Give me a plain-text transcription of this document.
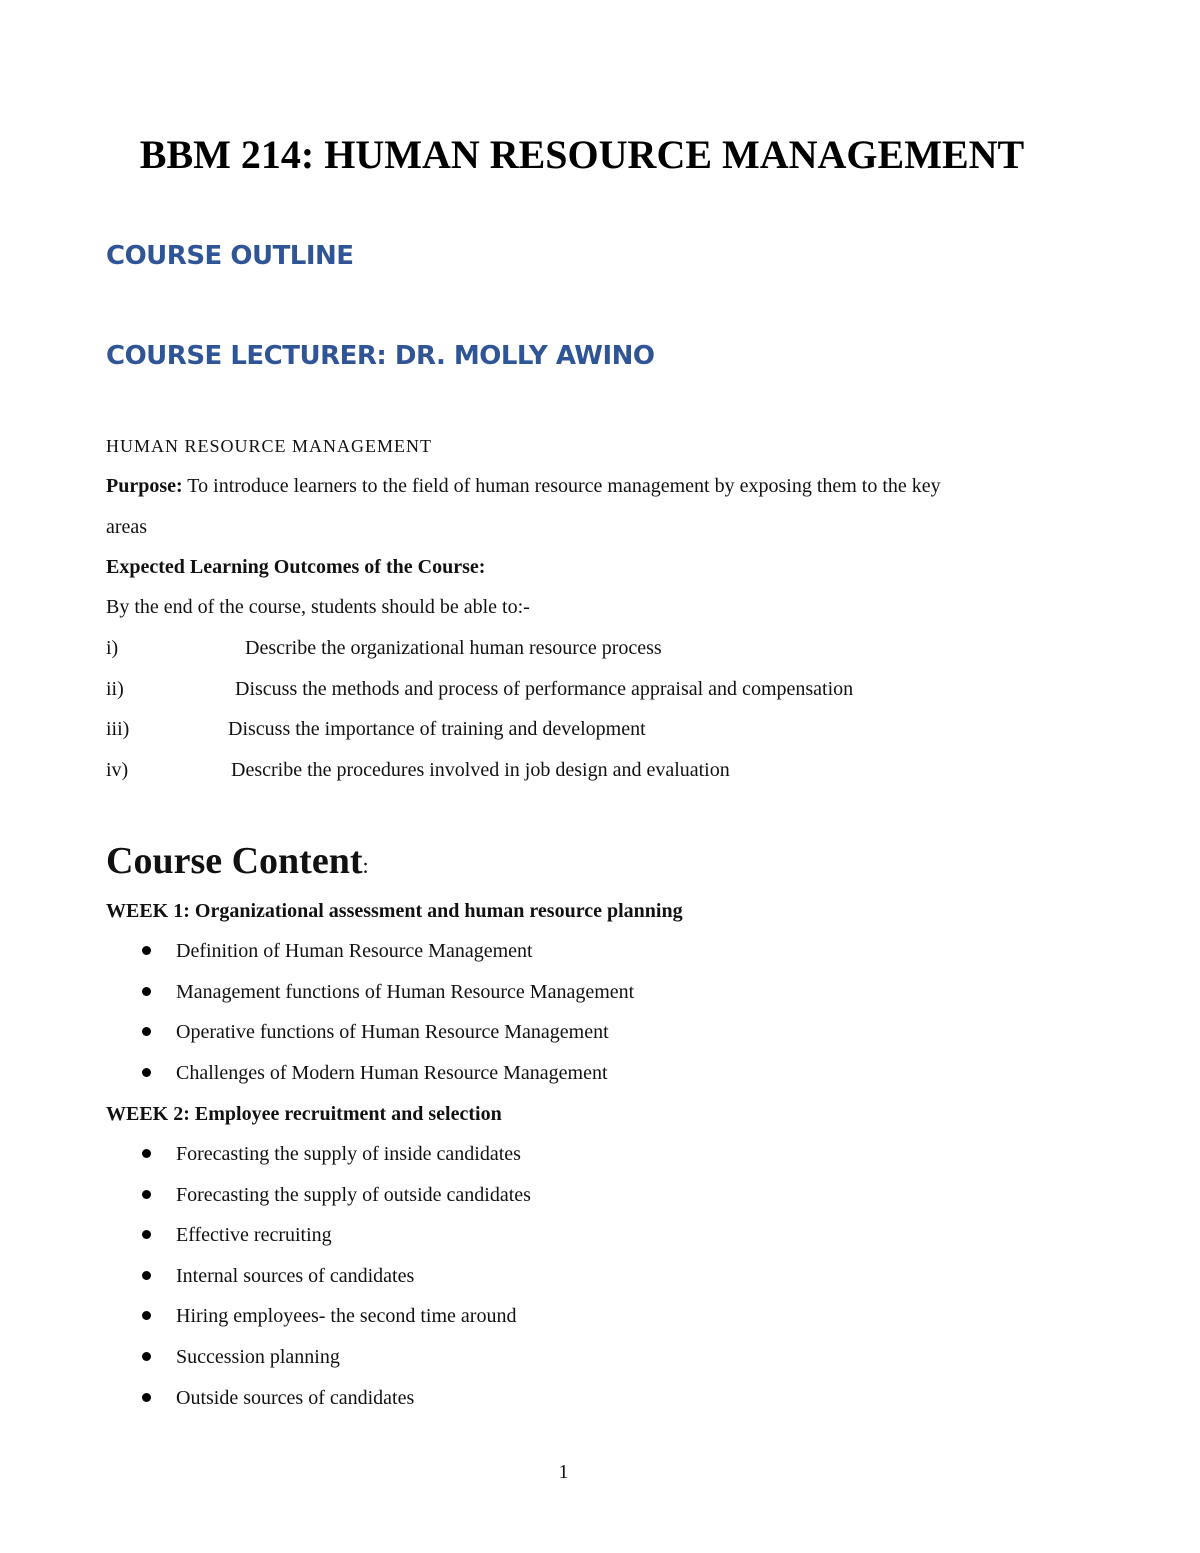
BBM 214: HUMAN RESOURCE MANAGEMENT
COURSE OUTLINE
COURSE LECTURER: DR. MOLLY AWINO
HUMAN RESOURCE MANAGEMENT
Purpose: To introduce learners to the field of human resource management by exposing them to the key
areas
Expected Learning Outcomes of the Course:
By the end of the course, students should be able to:-
i)	Describe the organizational human resource process
ii)	Discuss the methods and process of performance appraisal and compensation
iii)	Discuss the importance of training and development
iv)	Describe the procedures involved in job design and evaluation
Course Content:
WEEK 1: Organizational assessment and human resource planning
Definition of Human Resource Management
Management functions of Human Resource Management
Operative functions of Human Resource Management
Challenges of Modern Human Resource Management
WEEK 2: Employee recruitment and selection
Forecasting the supply of inside candidates
Forecasting the supply of outside candidates
Effective recruiting
Internal sources of candidates
Hiring employees- the second time around
Succession planning
Outside sources of candidates
1
